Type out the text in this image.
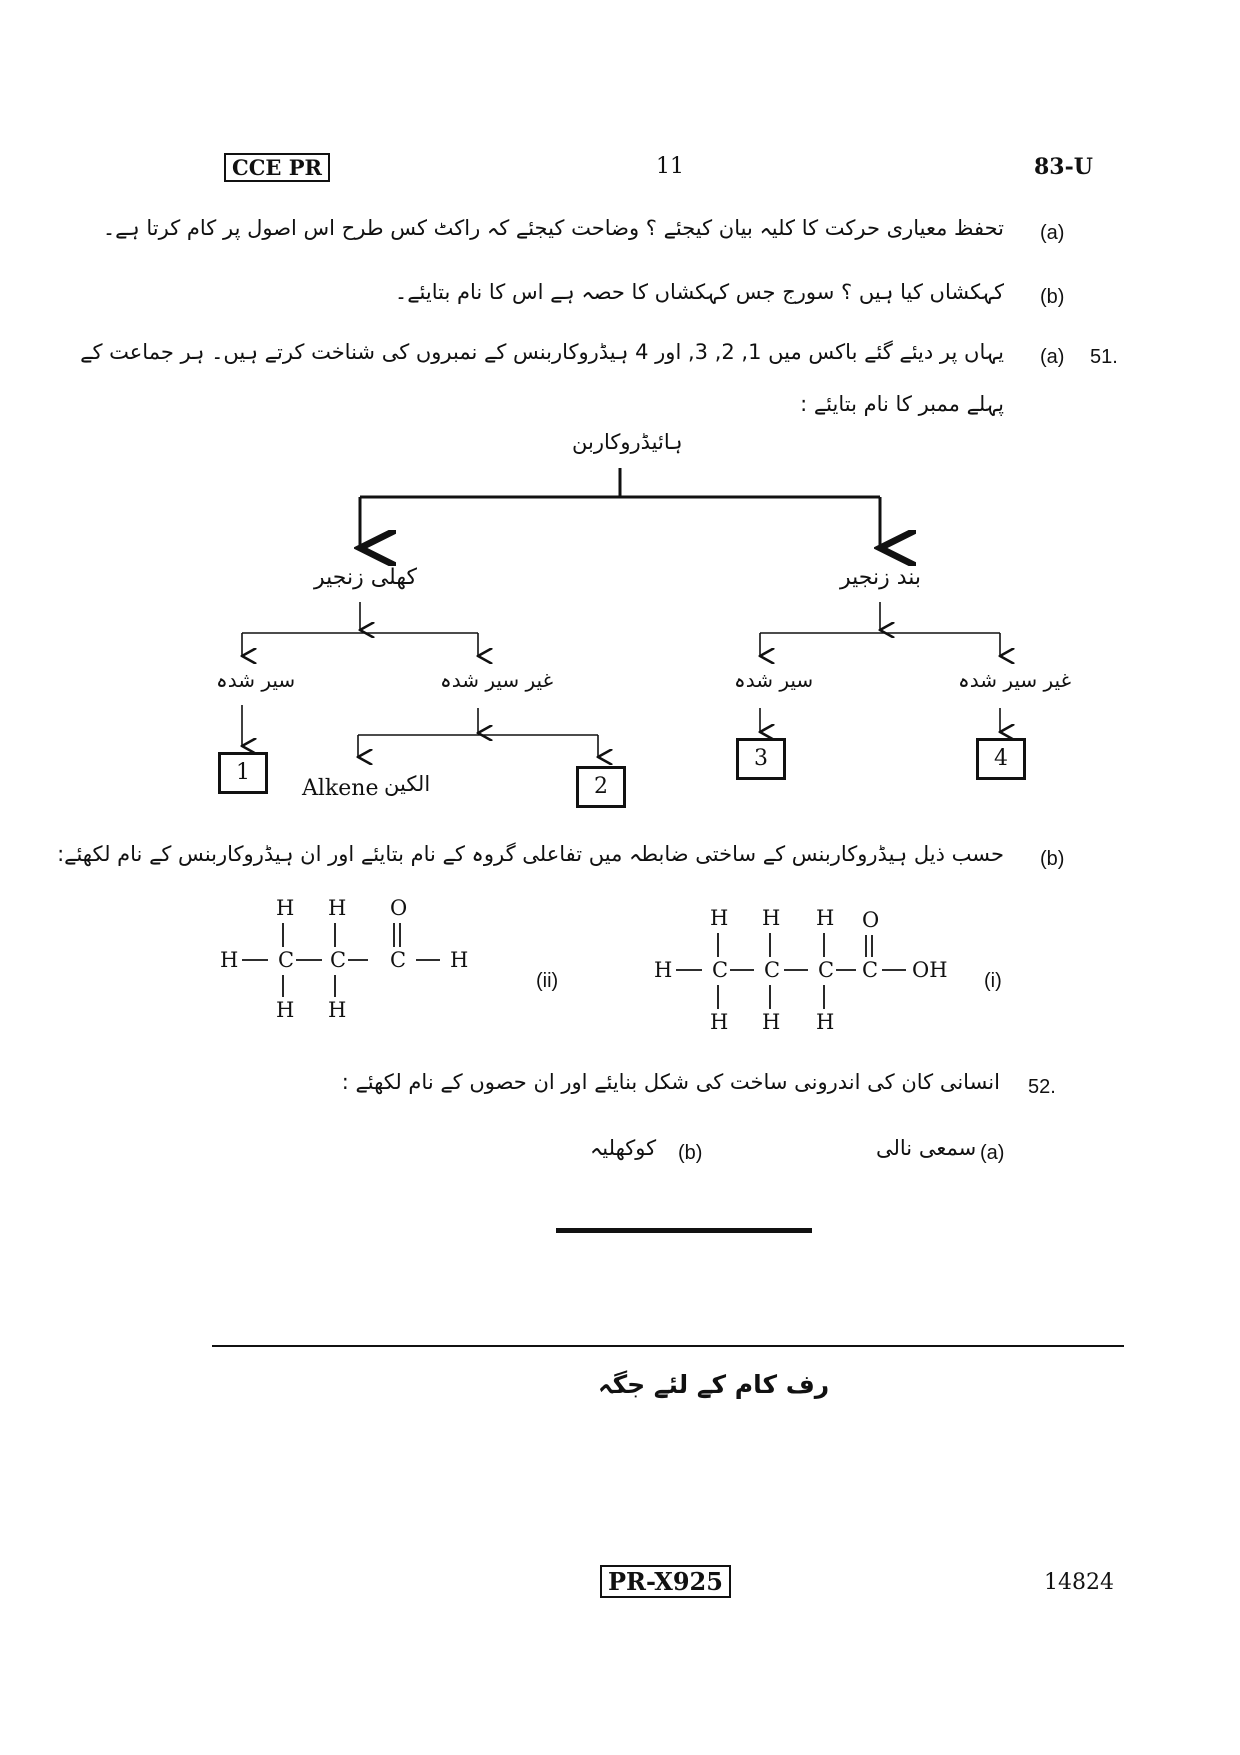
CCE PR	11	83-U
(a)
تحفظ معیاری حرکت کا کلیہ بیان کیجئے ؟ وضاحت کیجئے کہ راکٹ کس طرح اس اصول پر کام کرتا ہے۔
(b)
کہکشاں کیا ہیں ؟ سورج جس کہکشاں کا حصہ ہے اس کا نام بتایئے۔
51.
(a)
یہاں پر دیئے گئے باکس میں 1, 2, 3, اور 4 ہیڈروکاربنس کے نمبروں کی شناخت کرتے ہیں۔ ہر جماعت کے
پہلے ممبر کا نام بتایئے :
ہائیڈروکاربن
کھلی زنجیر	بند زنجیر
سیر شدہ	غیر سیر شدہ	سیر شدہ	غیر سیر شدہ
1
Alkene الکین	2
3	4
(b)
حسب ذیل ہیڈروکاربنس کے ساختی ضابطہ میں تفاعلی گروہ کے نام بتایئے اور ان ہیڈروکاربنس کے نام لکھئے:
H H O
H C C C H
H H
(ii)
H H H O
H C C C C OH
H H H
(i)
52.
انسانی کان کی اندرونی ساخت کی شکل بنایئے اور ان حصوں کے نام لکھئے :
(a)
سمعی نالی
(b)
کوکھلیہ
رف کام کے لئے جگہ
PR-X925	14824
